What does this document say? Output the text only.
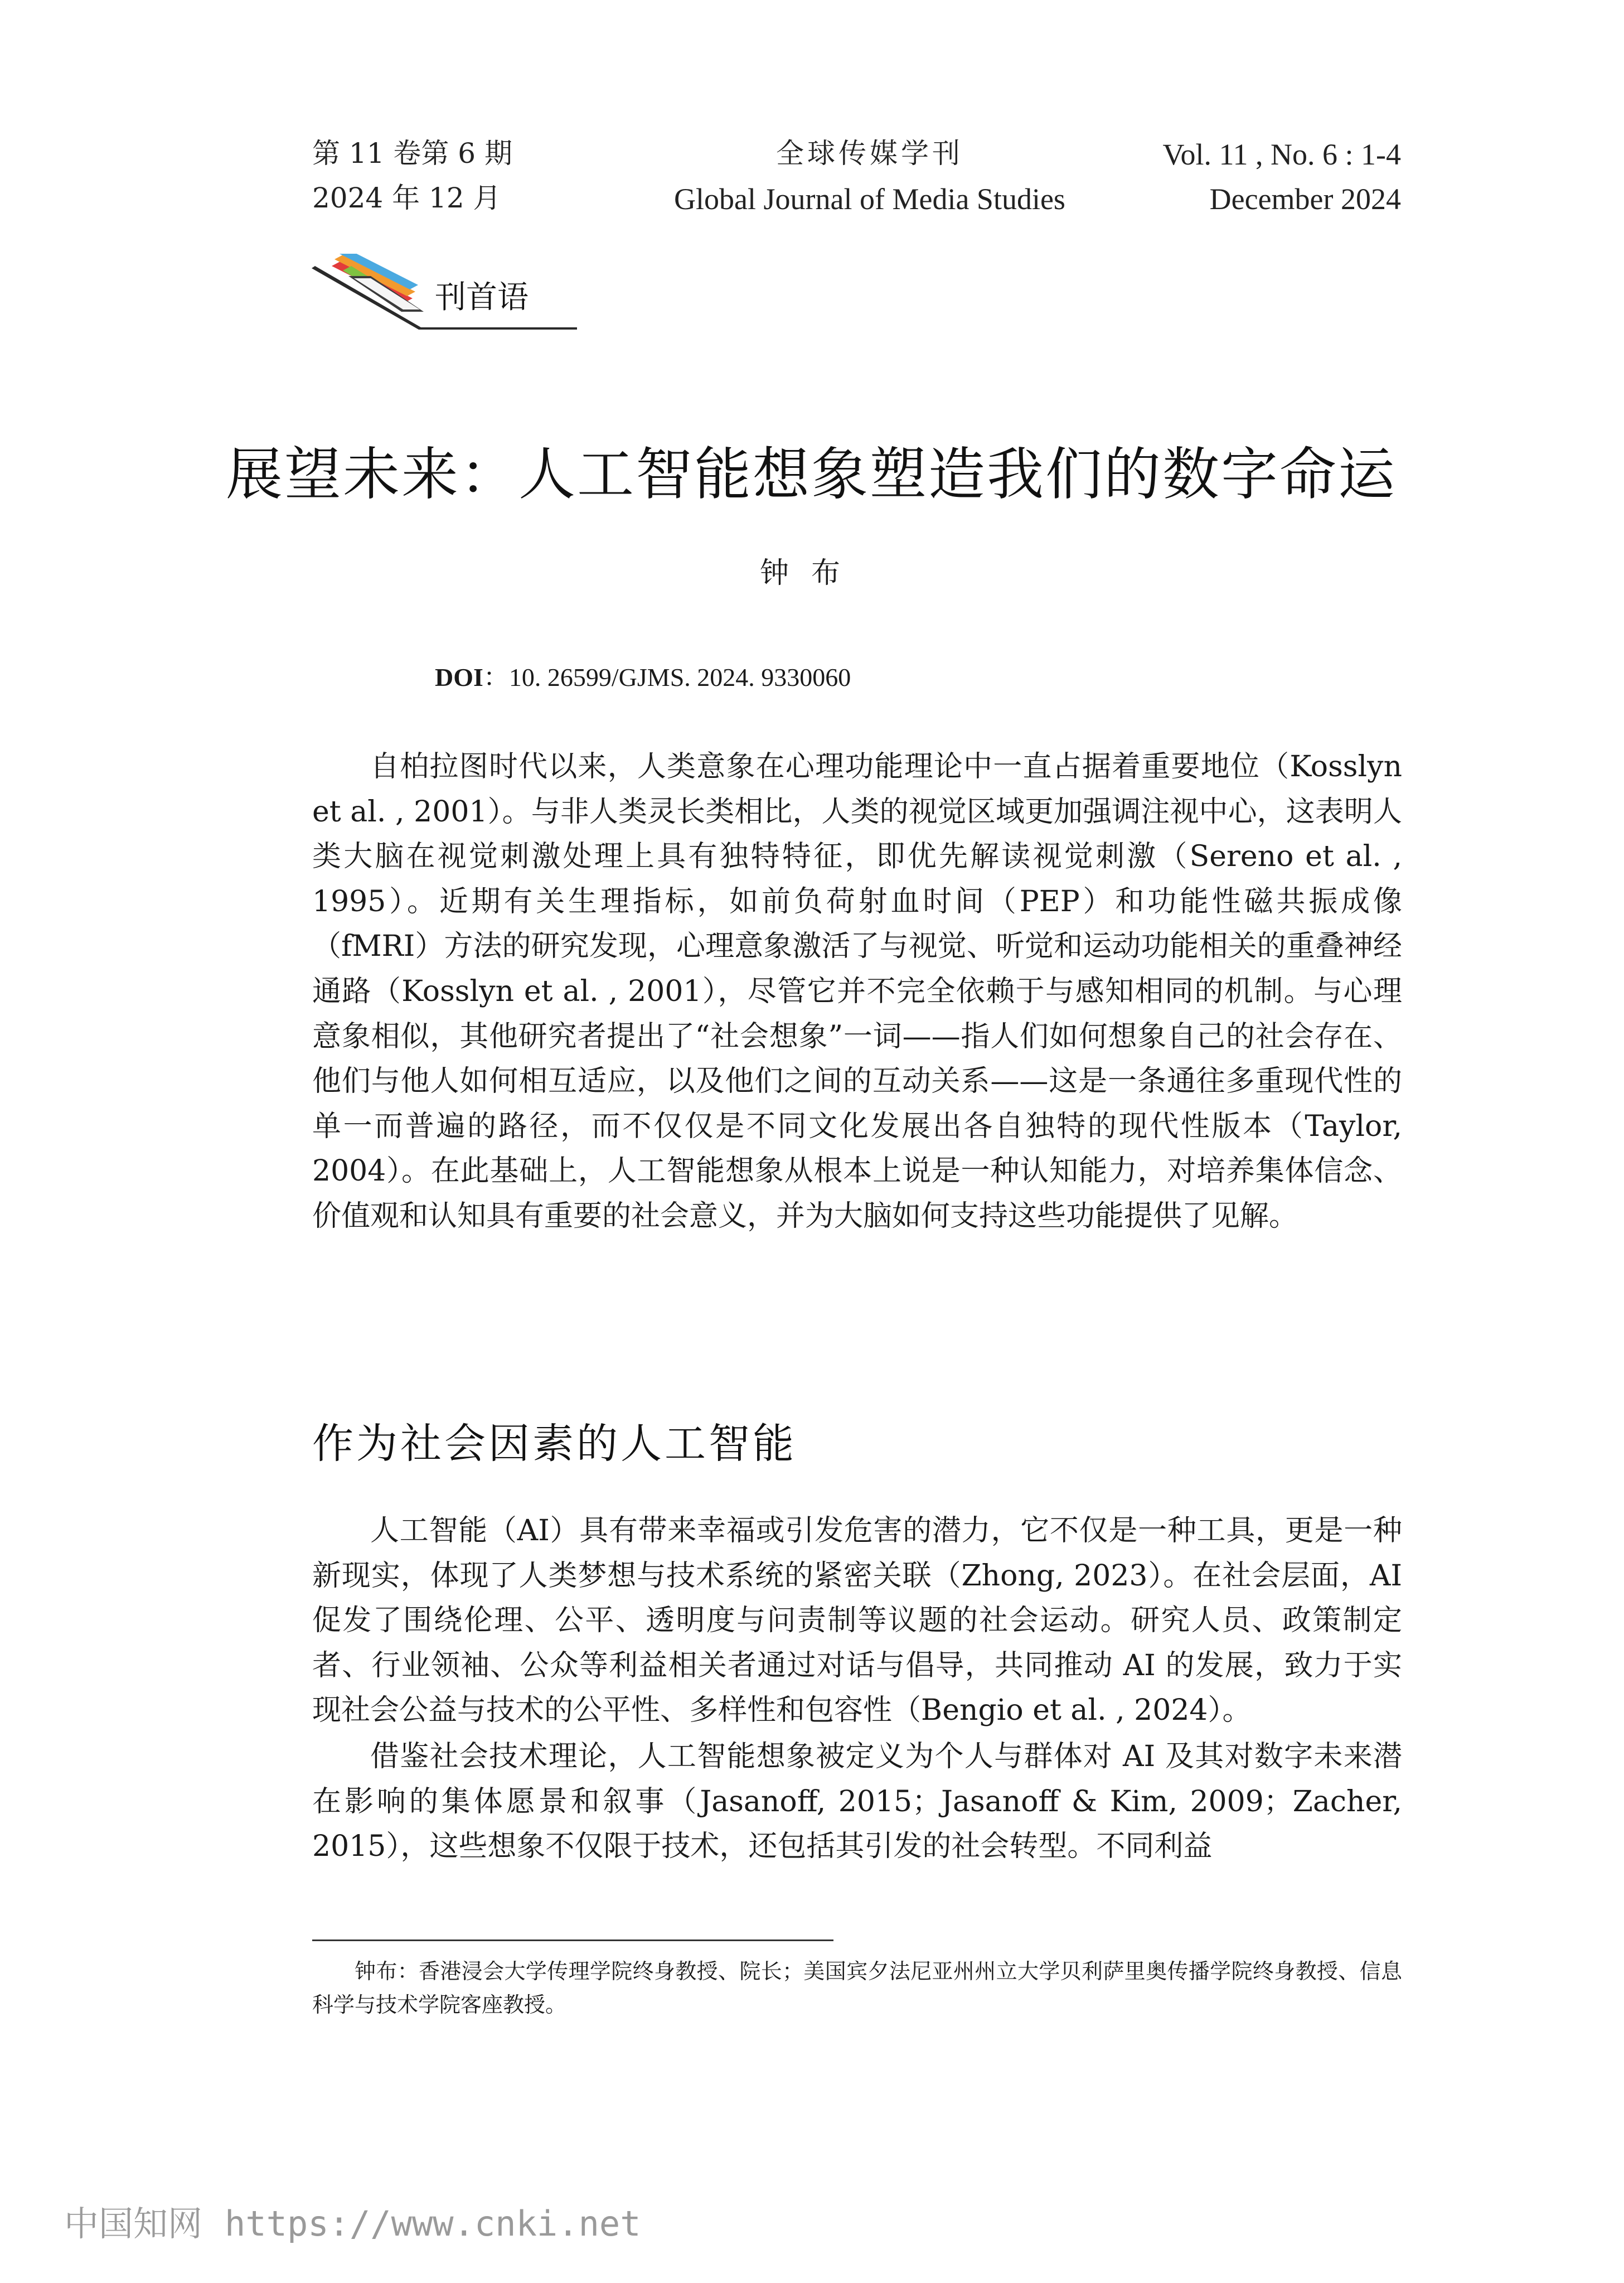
第 11 卷第 6 期
2024 年 12 月
全球传媒学刊
Global Journal of Media Studies
Vol. 11 , No. 6 : 1-4
December 2024
刊首语
展望未来：人工智能想象塑造我们的数字命运
钟布
DOI：10. 26599/GJMS. 2024. 9330060

自柏拉图时代以来，人类意象在心理功能理论中一直占据着重要地位（Kosslyn et al. , 2001）。与非人类灵长类相比，人类的视觉区域更加强调注视中心，这表明人类大脑在视觉刺激处理上具有独特特征，即优先解读视觉刺激（Sereno et al. , 1995）。近期有关生理指标，如前负荷射血时间（PEP）和功能性磁共振成像（fMRI）方法的研究发现，心理意象激活了与视觉、听觉和运动功能相关的重叠神经通路（Kosslyn et al. , 2001），尽管它并不完全依赖于与感知相同的机制。与心理意象相似，其他研究者提出了“社会想象”一词——指人们如何想象自己的社会存在、他们与他人如何相互适应，以及他们之间的互动关系——这是一条通往多重现代性的单一而普遍的路径，而不仅仅是不同文化发展出各自独特的现代性版本（Taylor, 2004）。在此基础上，人工智能想象从根本上说是一种认知能力，对培养集体信念、价值观和认知具有重要的社会意义，并为大脑如何支持这些功能提供了见解。

作为社会因素的人工智能

人工智能（AI）具有带来幸福或引发危害的潜力，它不仅是一种工具，更是一种新现实，体现了人类梦想与技术系统的紧密关联（Zhong, 2023）。在社会层面，AI 促发了围绕伦理、公平、透明度与问责制等议题的社会运动。研究人员、政策制定者、行业领袖、公众等利益相关者通过对话与倡导，共同推动 AI 的发展，致力于实现社会公益与技术的公平性、多样性和包容性（Bengio et al. , 2024）。

借鉴社会技术理论，人工智能想象被定义为个人与群体对 AI 及其对数字未来潜在影响的集体愿景和叙事（Jasanoff, 2015；Jasanoff & Kim, 2009；Zacher, 2015），这些想象不仅限于技术，还包括其引发的社会转型。不同利益

钟布：香港浸会大学传理学院终身教授、院长；美国宾夕法尼亚州州立大学贝利萨里奥传播学院终身教授、信息科学与技术学院客座教授。

中国知网 https://www.cnki.net
